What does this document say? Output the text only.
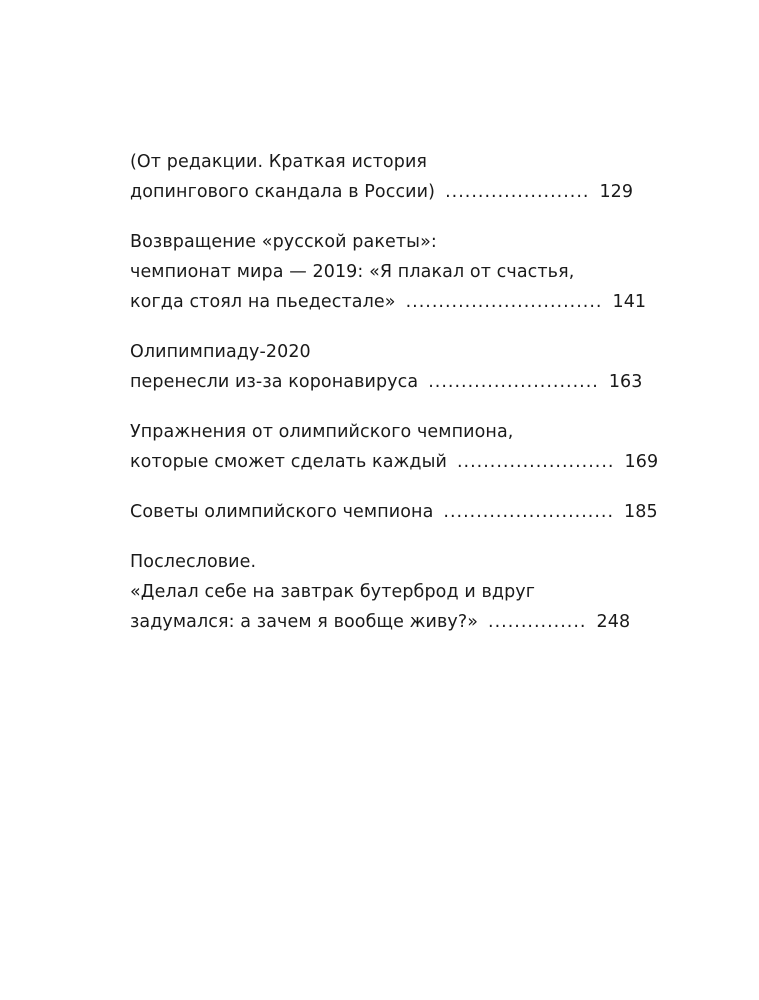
(От редакции. Краткая история
допингового скандала в России) ...................... 129
Возвращение «русской ракеты»:
чемпионат мира — 2019: «Я плакал от счастья,
когда стоял на пьедестале» .............................. 141
Олипимпиаду-2020
перенесли из-за коронавируса .......................... 163
Упражнения от олимпийского чемпиона,
которые сможет сделать каждый ........................ 169
Советы олимпийского чемпиона .......................... 185
Послесловие.
«Делал себе на завтрак бутерброд и вдруг
задумался: а зачем я вообще живу?» ............... 248
